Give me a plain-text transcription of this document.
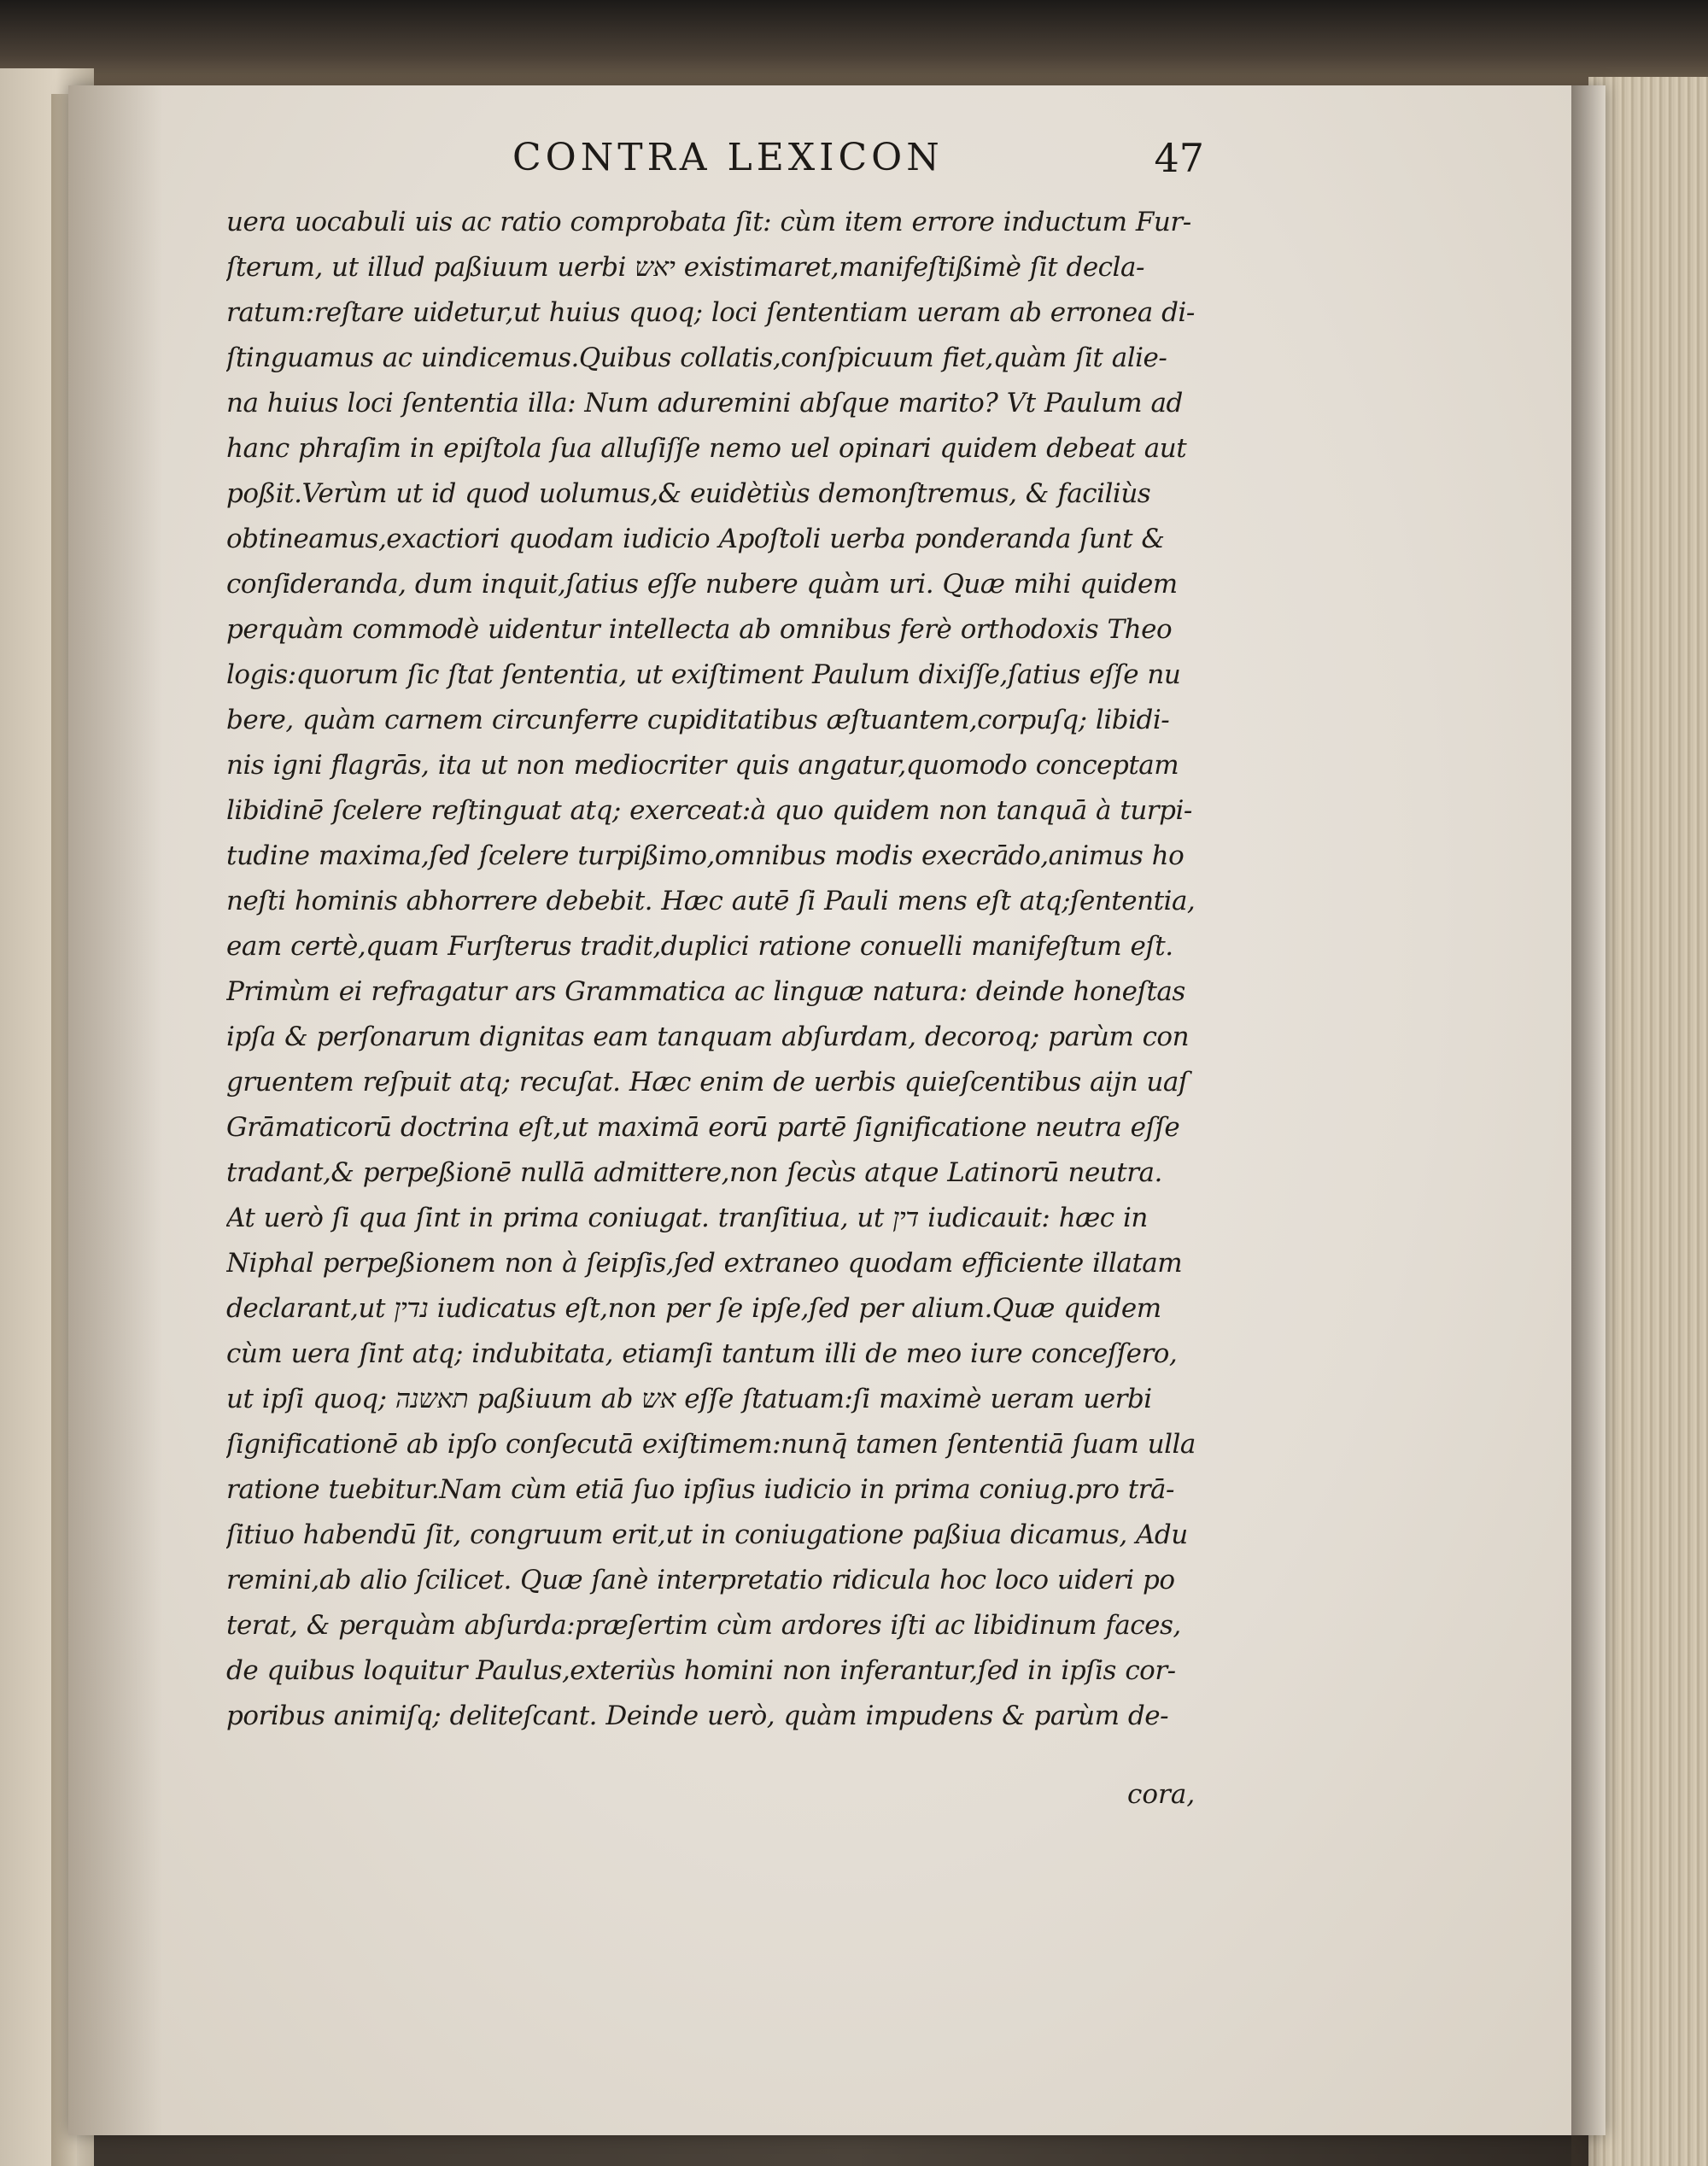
CONTRA LEXICON	47
uera uocabuli uis ac ratio comprobata ſit: cùm item errore inductum Fur-
ſterum, ut illud paßiuum uerbi יאש existimaret,manifeſtißimè ſit decla-
ratum:reſtare uidetur,ut huius quoq; loci ſententiam ueram ab erronea di-
ſtinguamus ac uindicemus.Quibus collatis,conſpicuum fiet,quàm ſit alie-
na huius loci ſententia illa: Num aduremini abſque marito? Vt Paulum ad
hanc phraſim in epiſtola ſua alluſiſſe nemo uel opinari quidem debeat aut
poßit.Verùm ut id quod uolumus,& euidètiùs demonſtremus, & faciliùs
obtineamus,exactiori quodam iudicio Apoſtoli uerba ponderanda ſunt &
conſideranda, dum inquit,ſatius eſſe nubere quàm uri. Quæ mihi quidem
perquàm commodè uidentur intellecta ab omnibus ferè orthodoxis Theo
logis:quorum ſic ſtat ſententia, ut exiſtiment Paulum dixiſſe,ſatius eſſe nu
bere, quàm carnem circunferre cupiditatibus æſtuantem,corpuſq; libidi-
nis igni flagrās, ita ut non mediocriter quis angatur,quomodo conceptam
libidinē ſcelere reſtinguat atq; exerceat:à quo quidem non tanquā à turpi-
tudine maxima,ſed ſcelere turpißimo,omnibus modis execrādo,animus ho
neſti hominis abhorrere debebit. Hæc autē ſi Pauli mens eſt atq;ſententia,
eam certè,quam Furſterus tradit,duplici ratione conuelli manifeſtum eſt.
Primùm ei refragatur ars Grammatica ac linguæ natura: deinde honeſtas
ipſa & perſonarum dignitas eam tanquam abſurdam, decoroq; parùm con
gruentem reſpuit atq; recuſat. Hæc enim de uerbis quieſcentibus aijn uaſ
Grāmaticorū doctrina eſt,ut maximā eorū partē ſignificatione neutra eſſe
tradant,& perpeßionē nullā admittere,non ſecùs atque Latinorū neutra.
At uerò ſi qua ſint in prima coniugat. tranſitiua, ut דין iudicauit: hæc in
Niphal perpeßionem non à ſeipſis,ſed extraneo quodam efficiente illatam
declarant,ut נדין iudicatus eſt,non per ſe ipſe,ſed per alium.Quæ quidem
cùm uera ſint atq; indubitata, etiamſi tantum illi de meo iure conceſſero,
ut ipſi quoq; תאשנה paßiuum ab אש eſſe ſtatuam:ſi maximè ueram uerbi
ſignificationē ab ipſo conſecutā exiſtimem:nunq̄ tamen ſententiā ſuam ulla
ratione tuebitur.Nam cùm etiā ſuo ipſius iudicio in prima coniug.pro trā-
ſitiuo habendū ſit, congruum erit,ut in coniugatione paßiua dicamus, Adu
remini,ab alio ſcilicet. Quæ ſanè interpretatio ridicula hoc loco uideri po
terat, & perquàm abſurda:præſertim cùm ardores iſti ac libidinum faces,
de quibus loquitur Paulus,exteriùs homini non inferantur,ſed in ipſis cor-
poribus animiſq; deliteſcant. Deinde uerò, quàm impudens & parùm de-
cora,
